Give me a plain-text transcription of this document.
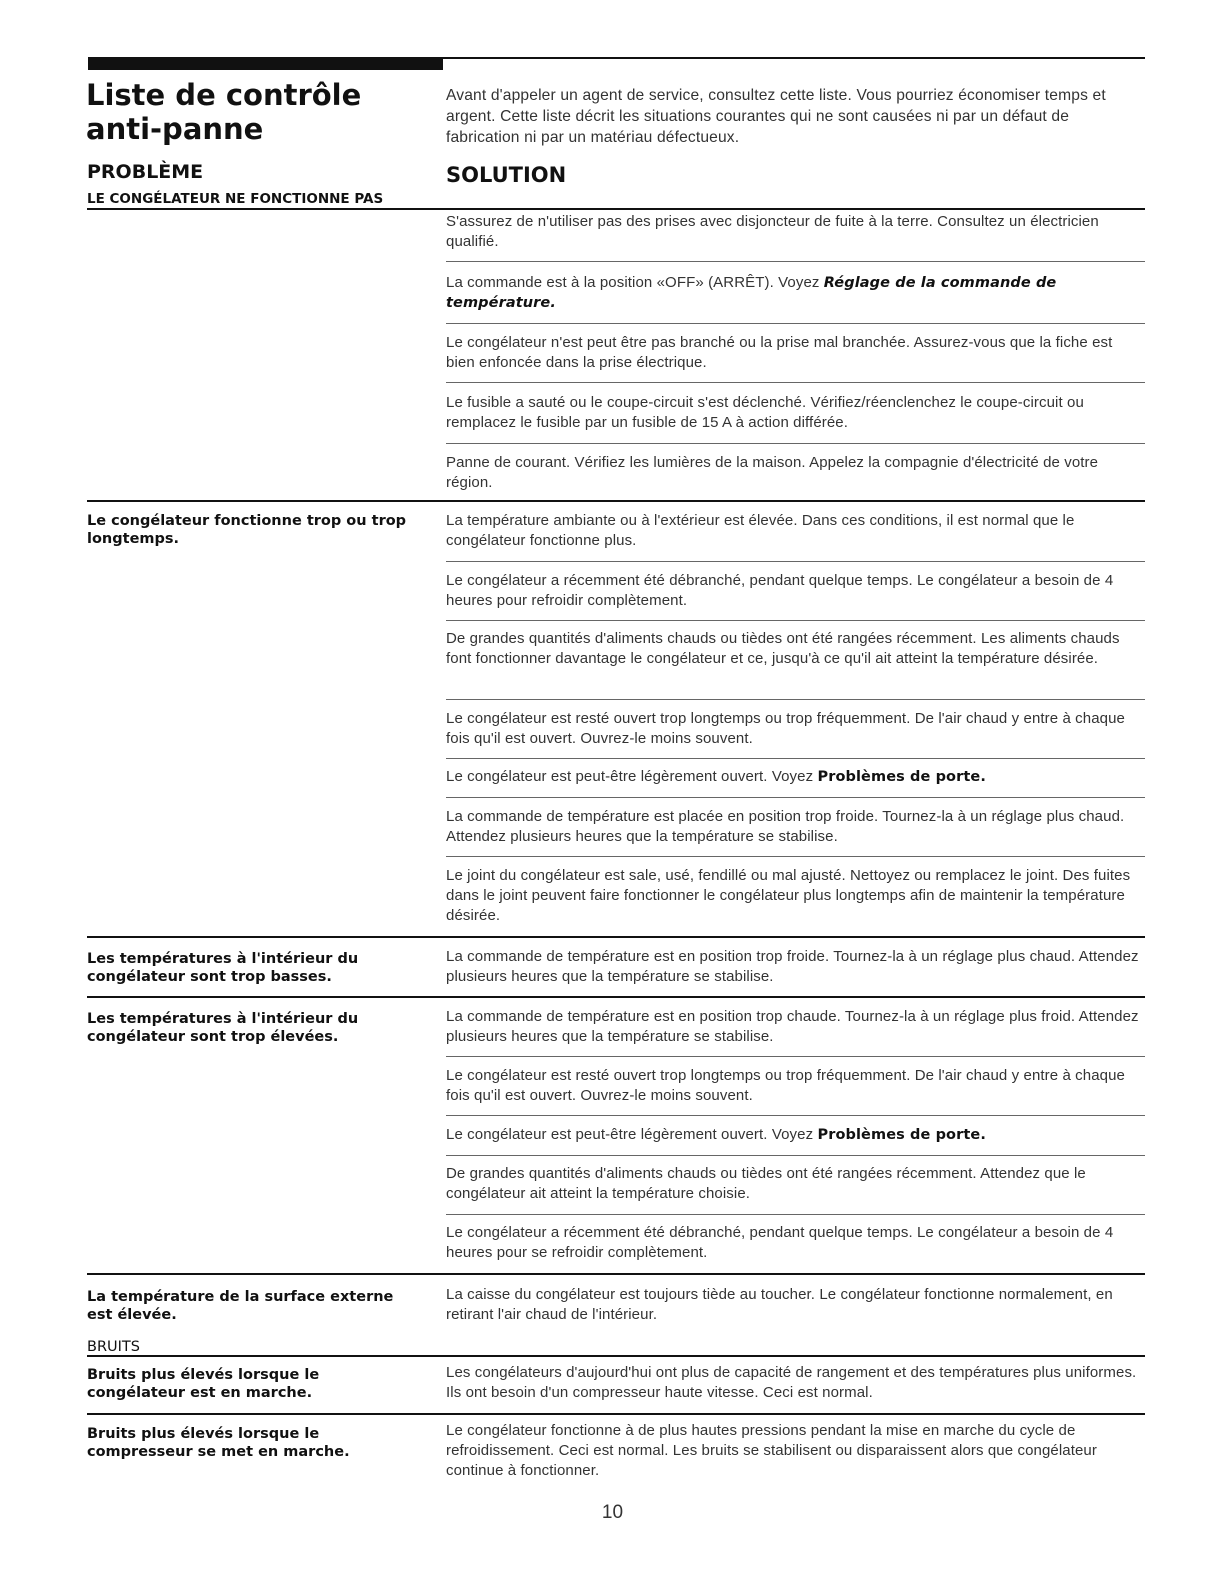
Liste de contrôle anti-panne

Avant d'appeler un agent de service, consultez cette liste. Vous pourriez économiser temps et argent. Cette liste décrit les situations courantes qui ne sont causées ni par un défaut de fabrication ni par un matériau défectueux.

PROBLÈME	SOLUTION

LE CONGÉLATEUR NE FONCTIONNE PAS

S'assurez de n'utiliser pas des prises avec disjoncteur de fuite à la terre. Consultez un électricien qualifié.

La commande est à la position «OFF» (ARRÊT). Voyez Réglage de la commande de température.

Le congélateur n'est peut être pas branché ou la prise mal branchée. Assurez-vous que la fiche est bien enfoncée dans la prise électrique.

Le fusible a sauté ou le coupe-circuit s'est déclenché. Vérifiez/réenclenchez le coupe-circuit ou remplacez le fusible par un fusible de 15 A à action différée.

Panne de courant. Vérifiez les lumières de la maison. Appelez la compagnie d'électricité de votre région.

Le congélateur fonctionne trop ou trop longtemps.

La température ambiante ou à l'extérieur est élevée. Dans ces conditions, il est normal que le congélateur fonctionne plus.

Le congélateur a récemment été débranché, pendant quelque temps. Le congélateur a besoin de 4 heures pour refroidir complètement.

De grandes quantités d'aliments chauds ou tièdes ont été rangées récemment. Les aliments chauds font fonctionner davantage le congélateur et ce, jusqu'à ce qu'il ait atteint la température désirée.

Le congélateur est resté ouvert trop longtemps ou trop fréquemment. De l'air chaud y entre à chaque fois qu'il est ouvert. Ouvrez-le moins souvent.

Le congélateur est peut-être légèrement ouvert. Voyez Problèmes de porte.

La commande de température est placée en position trop froide. Tournez-la à un réglage plus chaud. Attendez plusieurs heures que la température se stabilise.

Le joint du congélateur est sale, usé, fendillé ou mal ajusté. Nettoyez ou remplacez le joint. Des fuites dans le joint peuvent faire fonctionner le congélateur plus longtemps afin de maintenir la température désirée.

Les températures à l'intérieur du congélateur sont trop basses.

La commande de température est en position trop froide. Tournez-la à un réglage plus chaud. Attendez plusieurs heures que la température se stabilise.

Les températures à l'intérieur du congélateur sont trop élevées.

La commande de température est en position trop chaude. Tournez-la à un réglage plus froid. Attendez plusieurs heures que la température se stabilise.

Le congélateur est resté ouvert trop longtemps ou trop fréquemment. De l'air chaud y entre à chaque fois qu'il est ouvert. Ouvrez-le moins souvent.

Le congélateur est peut-être légèrement ouvert. Voyez Problèmes de porte.

De grandes quantités d'aliments chauds ou tièdes ont été rangées récemment. Attendez que le congélateur ait atteint la température choisie.

Le congélateur a récemment été débranché, pendant quelque temps. Le congélateur a besoin de 4 heures pour se refroidir complètement.

La température de la surface externe est élevée.

La caisse du congélateur est toujours tiède au toucher. Le congélateur fonctionne normalement, en retirant l'air chaud de l'intérieur.

BRUITS

Bruits plus élevés lorsque le congélateur est en marche.

Les congélateurs d'aujourd'hui ont plus de capacité de rangement et des températures plus uniformes. Ils ont besoin d'un compresseur haute vitesse. Ceci est normal.

Bruits plus élevés lorsque le compresseur se met en marche.

Le congélateur fonctionne à de plus hautes pressions pendant la mise en marche du cycle de refroidissement. Ceci est normal. Les bruits se stabilisent ou disparaissent alors que congélateur continue à fonctionner.

10
